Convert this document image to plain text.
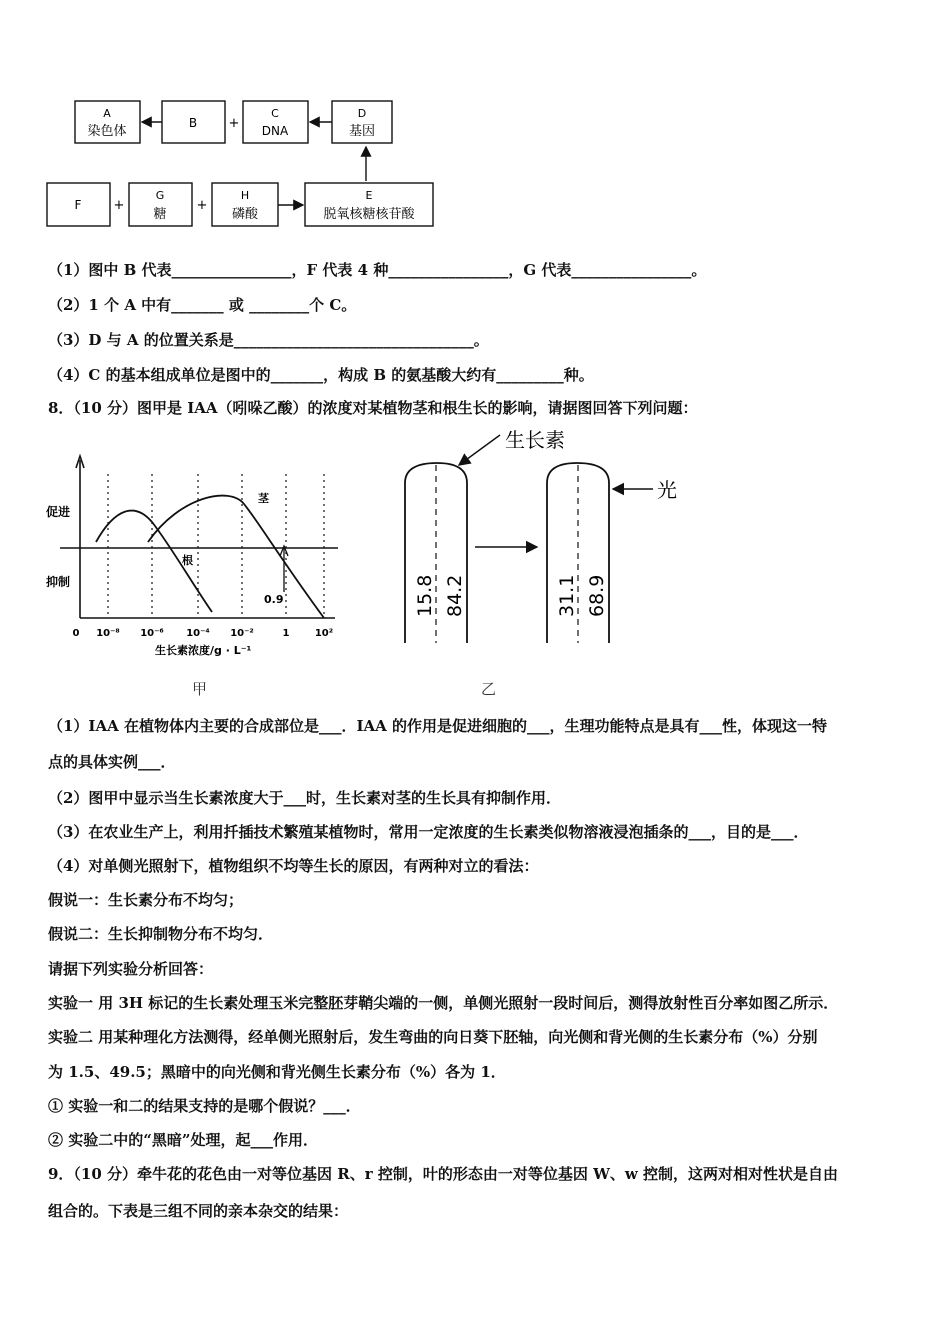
A
染色体
B +
C
DNA
D
基因
F +
G
糖
+
H
磷酸
E
脱氧核糖核苷酸
（1）图中 B 代表________________，F 代表 4 种________________，G 代表________________。
（2）1 个 A 中有_______ 或 ________个 C。
（3）D 与 A 的位置关系是________________________________。
（4）C 的基本组成单位是图中的_______，构成 B 的氨基酸大约有_________种。
8．（10 分）图甲是 IAA（吲哚乙酸）的浓度对某植物茎和根生长的影响，请据图回答下列问题：
0 10⁻⁸ 10⁻⁶ 10⁻⁴ 10⁻²	1	10²
促进
抑制
根
茎
0.9
生长素浓度/g · L⁻¹
甲
生长素
15.8 84.2
光
31.1 68.9
乙
（1）IAA 在植物体内主要的合成部位是___．IAA 的作用是促进细胞的___，生理功能特点是具有___性，体现这一特
点的具体实例___．
（2）图甲中显示当生长素浓度大于___时，生长素对茎的生长具有抑制作用．
（3）在农业生产上，利用扦插技术繁殖某植物时，常用一定浓度的生长素类似物溶液浸泡插条的___，目的是___．
（4）对单侧光照射下，植物组织不均等生长的原因，有两种对立的看法：
假说一：生长素分布不均匀；
假说二：生长抑制物分布不均匀．
请据下列实验分析回答：
实验一 用 3H 标记的生长素处理玉米完整胚芽鞘尖端的一侧，单侧光照射一段时间后，测得放射性百分率如图乙所示．
实验二 用某种理化方法测得，经单侧光照射后，发生弯曲的向日葵下胚轴，向光侧和背光侧的生长素分布（%）分别
为 1.5、49.5；黑暗中的向光侧和背光侧生长素分布（%）各为 1．
① 实验一和二的结果支持的是哪个假说？___．
② 实验二中的“黑暗”处理，起___作用．
9．（10 分）牵牛花的花色由一对等位基因 R、r 控制，叶的形态由一对等位基因 W、w 控制，这两对相对性状是自由
组合的。下表是三组不同的亲本杂交的结果：
